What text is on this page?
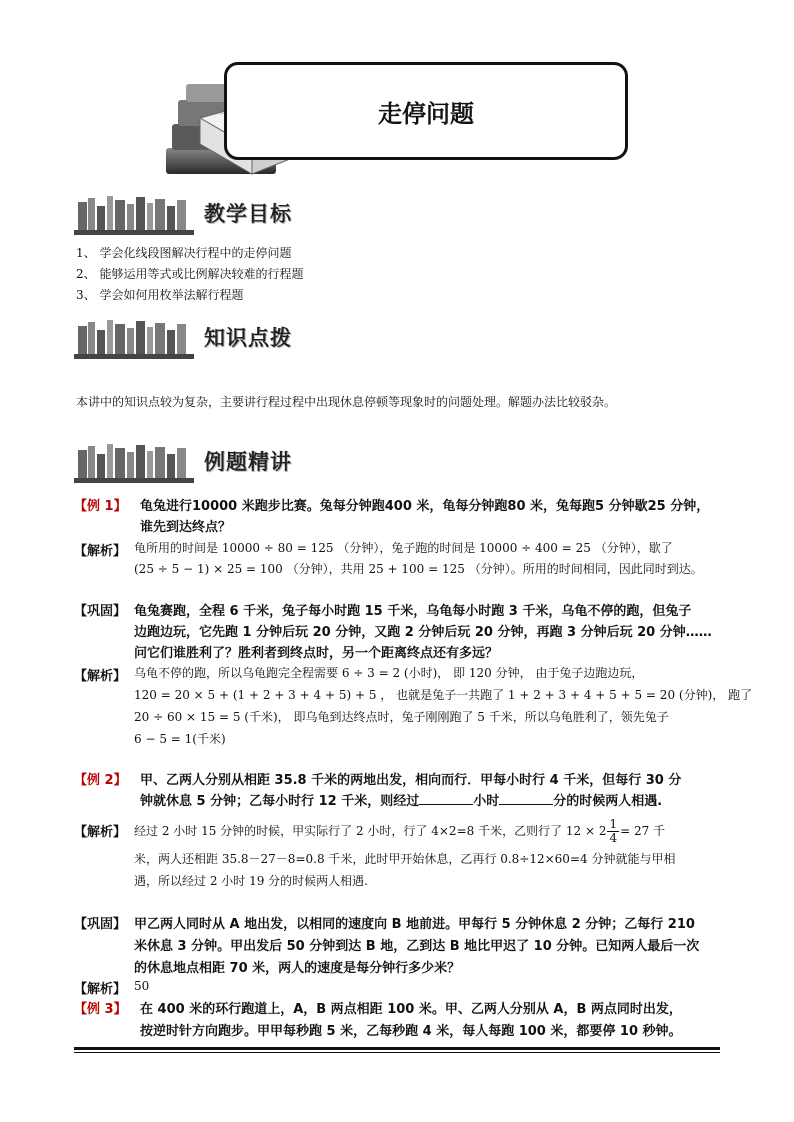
走停问题
教学目标
1、 学会化线段图解决行程中的走停问题
2、 能够运用等式或比例解决较难的行程题
3、 学会如何用枚举法解行程题
知识点拨
本讲中的知识点较为复杂，主要讲行程过程中出现休息停顿等现象时的问题处理。解题办法比较驳杂。
例题精讲
【例 1】 龟兔进行10000 米跑步比赛。兔每分钟跑400 米，龟每分钟跑80 米，兔每跑5 分钟歇25 分钟，
谁先到达终点？
【解析】 龟所用的时间是 10000 ÷ 80 = 125 （分钟），兔子跑的时间是 10000 ÷ 400 = 25 （分钟），歇了
(25 ÷ 5 − 1) × 25 = 100 （分钟），共用 25 + 100 = 125 （分钟）。所用的时间相同，因此同时到达。
【巩固】 龟兔赛跑，全程 6 千米，兔子每小时跑 15 千米，乌龟每小时跑 3 千米，乌龟不停的跑，但兔子
边跑边玩，它先跑 1 分钟后玩 20 分钟，又跑 2 分钟后玩 20 分钟，再跑 3 分钟后玩 20 分钟……
问它们谁胜利了？胜利者到终点时，另一个距离终点还有多远？
【解析】 乌龟不停的跑，所以乌龟跑完全程需要 6 ÷ 3 = 2 (小时)， 即 120 分钟， 由于兔子边跑边玩，
120 = 20 × 5 + (1 + 2 + 3 + 4 + 5) + 5 ， 也就是兔子一共跑了 1 + 2 + 3 + 4 + 5 + 5 = 20 (分钟)， 跑了
20 ÷ 60 × 15 = 5 (千米)， 即乌龟到达终点时，兔子刚刚跑了 5 千米，所以乌龟胜利了，领先兔子
6 − 5 = 1(千米)
【例 2】 甲、乙两人分别从相距 35.8 千米的两地出发，相向而行．甲每小时行 4 千米，但每行 30 分
钟就休息 5 分钟；乙每小时行 12 千米，则经过	小时	分的时候两人相遇.
【解析】 经过 2 小时 15 分钟的时候，甲实际行了 2 小时，行了 4×2=8 千米，乙则行了 $12 \times 2 \frac{1}{4} = 27$ 千
米，两人还相距 35.8－27－8=0.8 千米，此时甲开始休息，乙再行 0.8÷12×60=4 分钟就能与甲相
遇，所以经过 2 小时 19 分的时候两人相遇.
【巩固】 甲乙两人同时从 A 地出发，以相同的速度向 B 地前进。甲每行 5 分钟休息 2 分钟；乙每行 210
米休息 3 分钟。甲出发后 50 分钟到达 B 地，乙到达 B 地比甲迟了 10 分钟。已知两人最后一次
的休息地点相距 70 米，两人的速度是每分钟行多少米？
【解析】 50
【例 3】 在 400 米的环行跑道上，A，B 两点相距 100 米。甲、乙两人分别从 A，B 两点同时出发，
按逆时针方向跑步。甲甲每秒跑 5 米，乙每秒跑 4 米，每人每跑 100 米，都要停 10 秒钟。
